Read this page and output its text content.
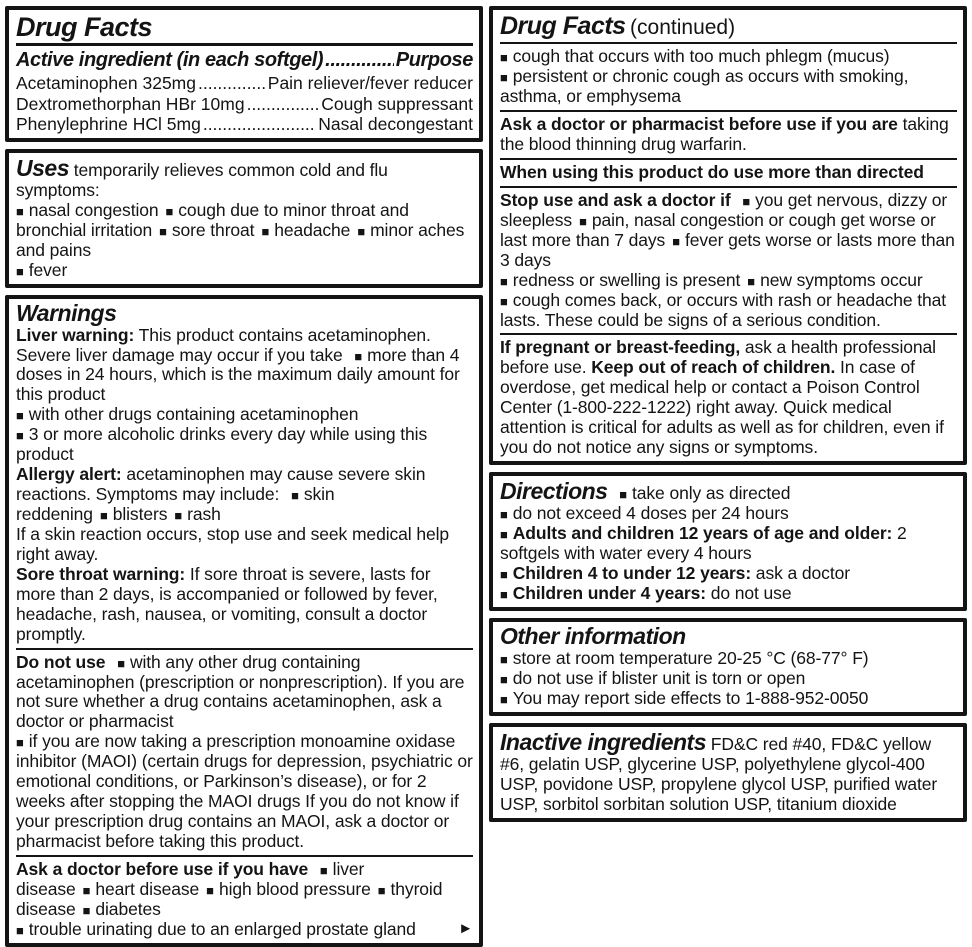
Drug Facts
Active ingredient (in each softgel) .....	Purpose
Acetaminophen 325mg .....	Pain reliever/fever reducer
Dextromethorphan HBr 10mg .....	Cough suppressant
Phenylephrine HCl 5mg .....	Nasal decongestant
Uses temporarily relieves common cold and flu symptoms:
■ nasal congestion ■ cough due to minor throat and bronchial irritation ■ sore throat ■ headache ■ minor aches and pains
■ fever
Warnings
Liver warning: This product contains acetaminophen. Severe liver damage may occur if you take ■ more than 4 doses in 24 hours, which is the maximum daily amount for this product
■ with other drugs containing acetaminophen
■ 3 or more alcoholic drinks every day while using this product
Allergy alert: acetaminophen may cause severe skin reactions. Symptoms may include: ■ skin reddening ■ blisters ■ rash
If a skin reaction occurs, stop use and seek medical help right away.
Sore throat warning: If sore throat is severe, lasts for more than 2 days, is accompanied or followed by fever, headache, rash, nausea, or vomiting, consult a doctor promptly.
Do not use ■ with any other drug containing acetaminophen (prescription or nonprescription). If you are not sure whether a drug contains acetaminophen, ask a doctor or pharmacist
■ if you are now taking a prescription monoamine oxidase inhibitor (MAOI) (certain drugs for depression, psychiatric or emotional conditions, or Parkinson’s disease), or for 2 weeks after stopping the MAOI drugs If you do not know if your prescription drug contains an MAOI, ask a doctor or pharmacist before taking this product.
Ask a doctor before use if you have ■ liver disease ■ heart disease ■ high blood pressure ■ thyroid disease ■ diabetes
■ trouble urinating due to an enlarged prostate gland	►
Drug Facts (continued)
■ cough that occurs with too much phlegm (mucus)
■ persistent or chronic cough as occurs with smoking, asthma, or emphysema
Ask a doctor or pharmacist before use if you are taking the blood thinning drug warfarin.
When using this product do use more than directed
Stop use and ask a doctor if ■ you get nervous, dizzy or sleepless ■ pain, nasal congestion or cough get worse or last more than 7 days ■ fever gets worse or lasts more than 3 days
■ redness or swelling is present ■ new symptoms occur
■ cough comes back, or occurs with rash or headache that lasts. These could be signs of a serious condition.
If pregnant or breast-feeding, ask a health professional before use. Keep out of reach of children. In case of overdose, get medical help or contact a Poison Control Center (1-800-222-1222) right away. Quick medical attention is critical for adults as well as for children, even if you do not notice any signs or symptoms.
Directions ■ take only as directed
■ do not exceed 4 doses per 24 hours
■ Adults and children 12 years of age and older: 2 softgels with water every 4 hours
■ Children 4 to under 12 years: ask a doctor
■ Children under 4 years: do not use
Other information
■ store at room temperature 20-25 °C (68-77° F)
■ do not use if blister unit is torn or open
■ You may report side effects to 1-888-952-0050
Inactive ingredients FD&C red #40, FD&C yellow #6, gelatin USP, glycerine USP, polyethylene glycol-400 USP, povidone USP, propylene glycol USP, purified water USP, sorbitol sorbitan solution USP, titanium dioxide
